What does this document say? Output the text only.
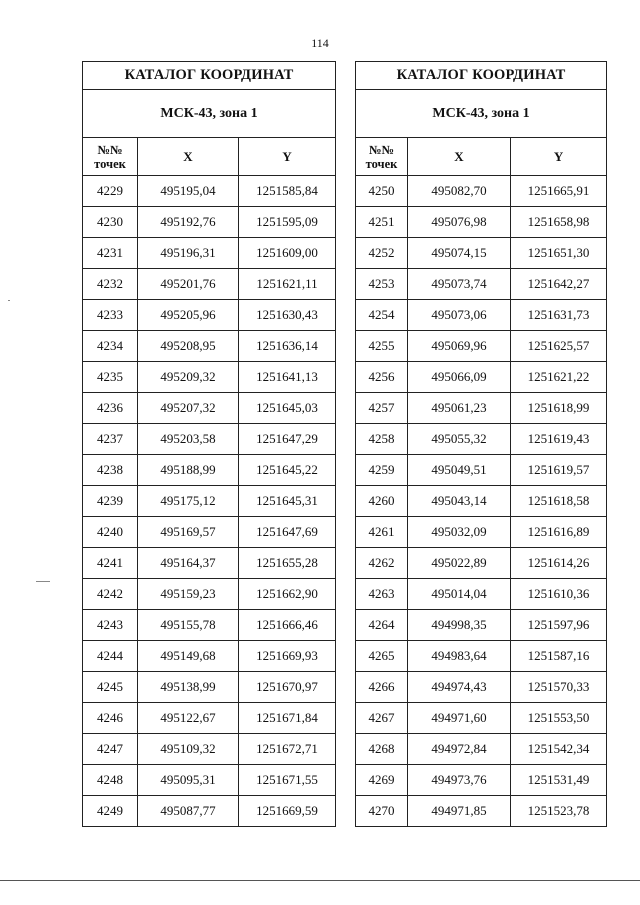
114
КАТАЛОГ КООРДИНАТ		
МСК-43, зона 1		
№№ точек	X	Y
4229	495195,04	1251585,84
4230	495192,76	1251595,09
4231	495196,31	1251609,00
4232	495201,76	1251621,11
4233	495205,96	1251630,43
4234	495208,95	1251636,14
4235	495209,32	1251641,13
4236	495207,32	1251645,03
4237	495203,58	1251647,29
4238	495188,99	1251645,22
4239	495175,12	1251645,31
4240	495169,57	1251647,69
4241	495164,37	1251655,28
4242	495159,23	1251662,90
4243	495155,78	1251666,46
4244	495149,68	1251669,93
4245	495138,99	1251670,97
4246	495122,67	1251671,84
4247	495109,32	1251672,71
4248	495095,31	1251671,55
4249	495087,77	1251669,59
КАТАЛОГ КООРДИНАТ		
МСК-43, зона 1		
№№ точек	X	Y
4250	495082,70	1251665,91
4251	495076,98	1251658,98
4252	495074,15	1251651,30
4253	495073,74	1251642,27
4254	495073,06	1251631,73
4255	495069,96	1251625,57
4256	495066,09	1251621,22
4257	495061,23	1251618,99
4258	495055,32	1251619,43
4259	495049,51	1251619,57
4260	495043,14	1251618,58
4261	495032,09	1251616,89
4262	495022,89	1251614,26
4263	495014,04	1251610,36
4264	494998,35	1251597,96
4265	494983,64	1251587,16
4266	494974,43	1251570,33
4267	494971,60	1251553,50
4268	494972,84	1251542,34
4269	494973,76	1251531,49
4270	494971,85	1251523,78
